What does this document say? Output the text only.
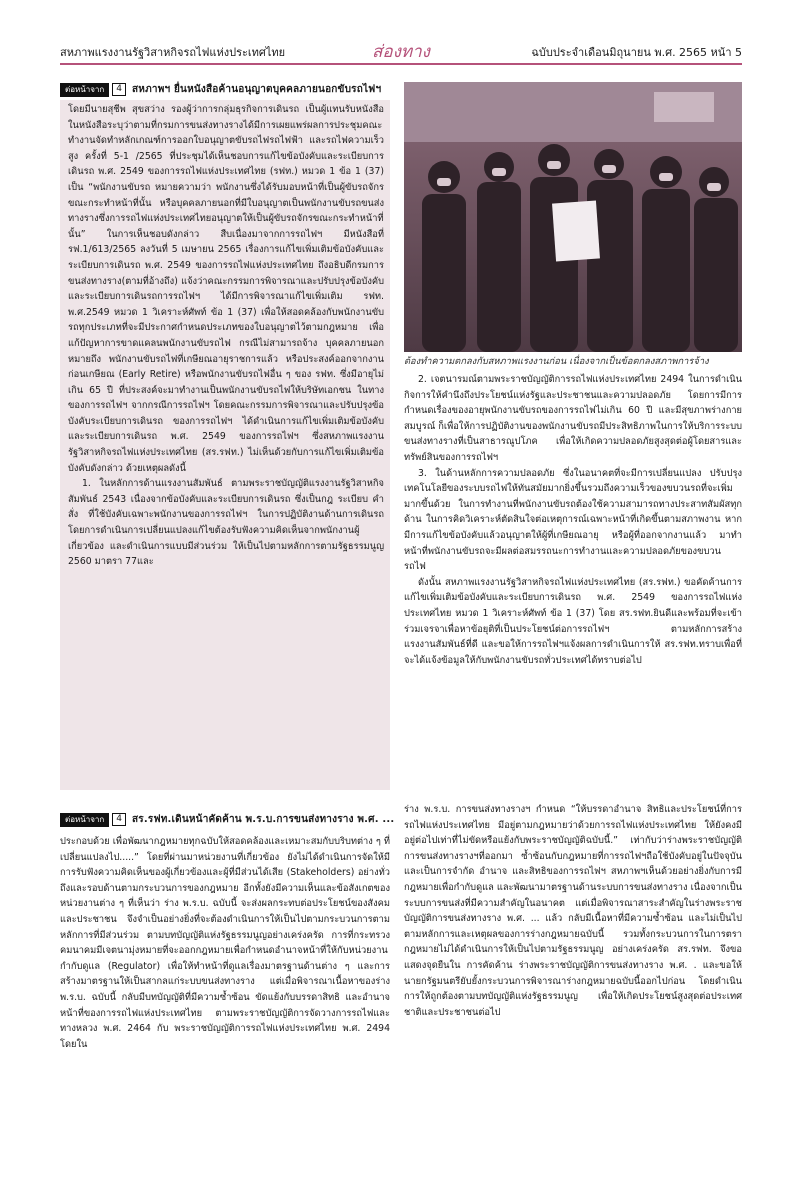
สหภาพแรงงานรัฐวิสาหกิจรถไฟแห่งประเทศไทย	ส่องทาง	ฉบับประจำเดือนมิถุนายน พ.ศ. 2565 หน้า 5
ต่อหน้าจาก	4	สหภาพฯ ยื่นหนังสือค้านอนุญาตบุคคลภายนอกขับรถไฟฯ

โดยมีนายสุชีพ สุขสว่าง รองผู้ว่าการกลุ่มธุรกิจการเดินรถ เป็นผู้แทนรับหนังสือ ในหนังสือระบุว่าตามที่กรมการขนส่งทางรางได้มีการเผยแพร่ผลการประชุมคณะทำงานจัดทำหลักเกณฑ์การออกใบอนุญาตขับรถไฟรถไฟฟ้า และรถไฟความเร็วสูง ครั้งที่ 5-1 /2565 ที่ประชุมได้เห็นชอบการแก้ไขข้อบังคับและระเบียบการเดินรถ พ.ศ. 2549 ของการรถไฟแห่งประเทศไทย (รฟท.) หมวด 1 ข้อ 1 (37) เป็น “พนักงานขับรถ หมายความว่า พนักงานซึ่งได้รับมอบหน้าที่เป็นผู้ขับรถจักรขณะกระทำหน้าที่นั้น หรือบุคคลภายนอกที่มีใบอนุญาตเป็นพนักงานขับรถขนส่งทางรางซึ่งการรถไฟแห่งประเทศไทยอนุญาตให้เป็นผู้ขับรถจักรขณะกระทำหน้าที่นั้น” ในการเห็นชอบดังกล่าว สืบเนื่องมาจากการรถไฟฯ มีหนังสือที่ รฟ.1/613/2565 ลงวันที่ 5 เมษายน 2565 เรื่องการแก้ไขเพิ่มเติมข้อบังคับและระเบียบการเดินรถ พ.ศ. 2549 ของการรถไฟแห่งประเทศไทย ถึงอธิบดีกรมการขนส่งทางราง(ตามที่อ้างถึง) แจ้งว่าคณะกรรมการพิจารณาและปรับปรุงข้อบังคับและระเบียบการเดินรถการรถไฟฯ ได้มีการพิจารณาแก้ไขเพิ่มเติม รฟท. พ.ศ.2549 หมวด 1 วิเคราะห์ศัพท์ ข้อ 1 (37) เพื่อให้สอดคล้องกับพนักงานขับรถทุกประเภทที่จะมีประกาศกำหนดประเภทของใบอนุญาตไว้ตามกฎหมาย เพื่อแก้ปัญหาการขาดแคลนพนักงานขับรถไฟ กรณีไม่สามารถจ้าง บุคคลภายนอก หมายถึง พนักงานขับรถไฟที่เกษียณอายุราชการแล้ว หรือประสงค์ออกจากงานก่อนเกษียณ (Early Retire) หรือพนักงานขับรถไฟอื่น ๆ ของ รฟท. ซึ่งมีอายุไม่เกิน 65 ปี ที่ประสงค์จะมาทำงานเป็นพนักงานขับรถไฟให้บริษัทเอกชน ในทางของการรถไฟฯ จากกรณีการรถไฟฯ โดยคณะกรรมการพิจารณาและปรับปรุงข้อบังคับระเบียบการเดินรถ ของการรถไฟฯ ได้ดำเนินการแก้ไขเพิ่มเติมข้อบังคับและระเบียบการเดินรถ พ.ศ. 2549 ของการรถไฟฯ ซึ่งสหภาพแรงงานรัฐวิสาหกิจรถไฟแห่งประเทศไทย (สร.รฟท.) ไม่เห็นด้วยกับการแก้ไขเพิ่มเติมข้อบังคับดังกล่าว ด้วยเหตุผลดังนี้

1. ในหลักการด้านแรงงานสัมพันธ์ ตามพระราชบัญญัติแรงงานรัฐวิสาหกิจสัมพันธ์ 2543 เนื่องจากข้อบังคับและระเบียบการเดินรถ ซึ่งเป็นกฎ ระเบียบ คำสั่ง ที่ใช้บังคับเฉพาะพนักงานของการรถไฟฯ ในการปฏิบัติงานด้านการเดินรถ โดยการดำเนินการเปลี่ยนแปลงแก้ไขต้องรับฟังความคิดเห็นจากพนักงานผู้เกี่ยวข้อง และดำเนินการแบบมีส่วนร่วม ให้เป็นไปตามหลักการตามรัฐธรรมนูญ 2560 มาตรา 77และ

ต้องทำความตกลงกับสหภาพแรงงานก่อน เนื่องจากเป็นข้อตกลงสภาพการจ้าง

2. เจตนารมณ์ตามพระราชบัญญัติการรถไฟแห่งประเทศไทย 2494 ในการดำเนินกิจการให้คำนึงถึงประโยชน์แห่งรัฐและประชาชนและความปลอดภัย โดยการมีการกำหนดเรื่องของอายุพนักงานขับรถของการรถไฟไม่เกิน 60 ปี และมีสุขภาพร่างกายสมบูรณ์ ก็เพื่อให้การปฏิบัติงานของพนักงานขับรถมีประสิทธิภาพในการให้บริการระบบขนส่งทางรางที่เป็นสาธารณูปโภค เพื่อให้เกิดความปลอดภัยสูงสุดต่อผู้โดยสารและทรัพย์สินของการรถไฟฯ

3. ในด้านหลักการความปลอดภัย ซึ่งในอนาคตที่จะมีการเปลี่ยนแปลง ปรับปรุงเทคโนโลยีของระบบรถไฟให้ทันสมัยมากยิ่งขึ้นรวมถึงความเร็วของขบวนรถที่จะเพิ่มมากขึ้นด้วย ในการทำงานที่พนักงานขับรถต้องใช้ความสามารถทางประสาทสัมผัสทุกด้าน ในการคิดวิเคราะห์ตัดสินใจต่อเหตุการณ์เฉพาะหน้าที่เกิดขึ้นตามสภาพงาน หากมีการแก้ไขข้อบังคับแล้วอนุญาตให้ผู้ที่เกษียณอายุ หรือผู้ที่ออกจากงานแล้ว มาทำหน้าที่พนักงานขับรถจะมีผลต่อสมรรถนะการทำงานและความปลอดภัยของขบวนรถไฟ

ดังนั้น สหภาพแรงงานรัฐวิสาหกิจรถไฟแห่งประเทศไทย (สร.รฟท.) ขอคัดค้านการแก้ไขเพิ่มเติมข้อบังคับและระเบียบการเดินรถ พ.ศ. 2549 ของการรถไฟแห่งประเทศไทย หมวด 1 วิเคราะห์ศัพท์ ข้อ 1 (37) โดย สร.รฟท.ยินดีและพร้อมที่จะเข้าร่วมเจรจาเพื่อหาข้อยุติที่เป็นประโยชน์ต่อการรถไฟฯ ตามหลักการสร้างแรงงานสัมพันธ์ที่ดี และขอให้การรถไฟฯแจ้งผลการดำเนินการให้ สร.รฟท.ทราบเพื่อที่จะได้แจ้งข้อมูลให้กับพนักงานขับรถทั่วประเทศได้ทราบต่อไป

ต่อหน้าจาก	4	สร.รฟท.เดินหน้าคัดค้าน พ.ร.บ.การขนส่งทางราง พ.ศ. ...

ประกอบด้วย เพื่อพัฒนากฎหมายทุกฉบับให้สอดคล้องและเหมาะสมกับบริบทต่าง ๆ ที่เปลี่ยนแปลงไป.....” โดยที่ผ่านมาหน่วยงานที่เกี่ยวข้อง ยังไม่ได้ดำเนินการจัดให้มีการรับฟังความคิดเห็นของผู้เกี่ยวข้องและผู้ที่มีส่วนได้เสีย (Stakeholders) อย่างทั่วถึงและรอบด้านตามกระบวนการของกฎหมาย อีกทั้งยังมีความเห็นและข้อสังเกตของหน่วยงานต่าง ๆ ที่เห็นว่า ร่าง พ.ร.บ. ฉบับนี้ จะส่งผลกระทบต่อประโยชน์ของสังคมและประชาชน จึงจำเป็นอย่างยิ่งที่จะต้องดำเนินการให้เป็นไปตามกระบวนการตามหลักการที่มีส่วนร่วม ตามบทบัญญัติแห่งรัฐธรรมนูญอย่างเคร่งครัด การที่กระทรวงคมนาคมมีเจตนามุ่งหมายที่จะออกกฎหมายเพื่อกำหนดอำนาจหน้าที่ให้กับหน่วยงานกำกับดูแล (Regulator) เพื่อให้ทำหน้าที่ดูแลเรื่องมาตรฐานด้านต่าง ๆ และการสร้างมาตรฐานให้เป็นสากลแก่ระบบขนส่งทางราง แต่เมื่อพิจารณาเนื้อหาของร่าง พ.ร.บ. ฉบับนี้ กลับมีบทบัญญัติที่มีความซ้ำซ้อน ขัดแย้งกับบรรดาสิทธิ และอำนาจหน้าที่ของการรถไฟแห่งประเทศไทย ตามพระราชบัญญัติการจัดวางการรถไฟและทางหลวง พ.ศ. 2464 กับ พระราชบัญญัติการรถไฟแห่งประเทศไทย พ.ศ. 2494 โดยใน

ร่าง พ.ร.บ. การขนส่งทางรางฯ กำหนด “ให้บรรดาอำนาจ สิทธิและประโยชน์ที่การรถไฟแห่งประเทศไทย มีอยู่ตามกฎหมายว่าด้วยการรถไฟแห่งประเทศไทย ให้ยังคงมีอยู่ต่อไปเท่าที่ไม่ขัดหรือแย้งกับพระราชบัญญัติฉบับนี้.” เท่ากับว่าร่างพระราชบัญญัติการขนส่งทางรางฯที่ออกมา ซ้ำซ้อนกับกฎหมายที่การรถไฟฯถือใช้บังคับอยู่ในปัจจุบัน และเป็นการจำกัด อำนาจ และสิทธิของการรถไฟฯ สหภาพฯเห็นด้วยอย่างยิ่งกับการมีกฎหมายเพื่อกำกับดูแล และพัฒนามาตรฐานด้านระบบการขนส่งทางราง เนื่องจากเป็นระบบการขนส่งที่มีความสำคัญในอนาคต แต่เมื่อพิจารณาสาระสำคัญในร่างพระราชบัญญัติการขนส่งทางราง พ.ศ. ... แล้ว กลับมีเนื้อหาที่มีความซ้ำซ้อน และไม่เป็นไปตามหลักการและเหตุผลของการร่างกฎหมายฉบับนี้ รวมทั้งกระบวนการในการตรากฎหมายไม่ได้ดำเนินการให้เป็นไปตามรัฐธรรมนูญ อย่างเคร่งครัด สร.รฟท. จึงขอแสดงจุดยืนใน การคัดค้าน ร่างพระราชบัญญัติการขนส่งทางราง พ.ศ. . และขอให้นายกรัฐมนตรียับยั้งกระบวนการพิจารณาร่างกฎหมายฉบับนี้ออกไปก่อน โดยดำเนินการให้ถูกต้องตามบทบัญญัติแห่งรัฐธรรมนูญ เพื่อให้เกิดประโยชน์สูงสุดต่อประเทศชาติและประชาชนต่อไป
